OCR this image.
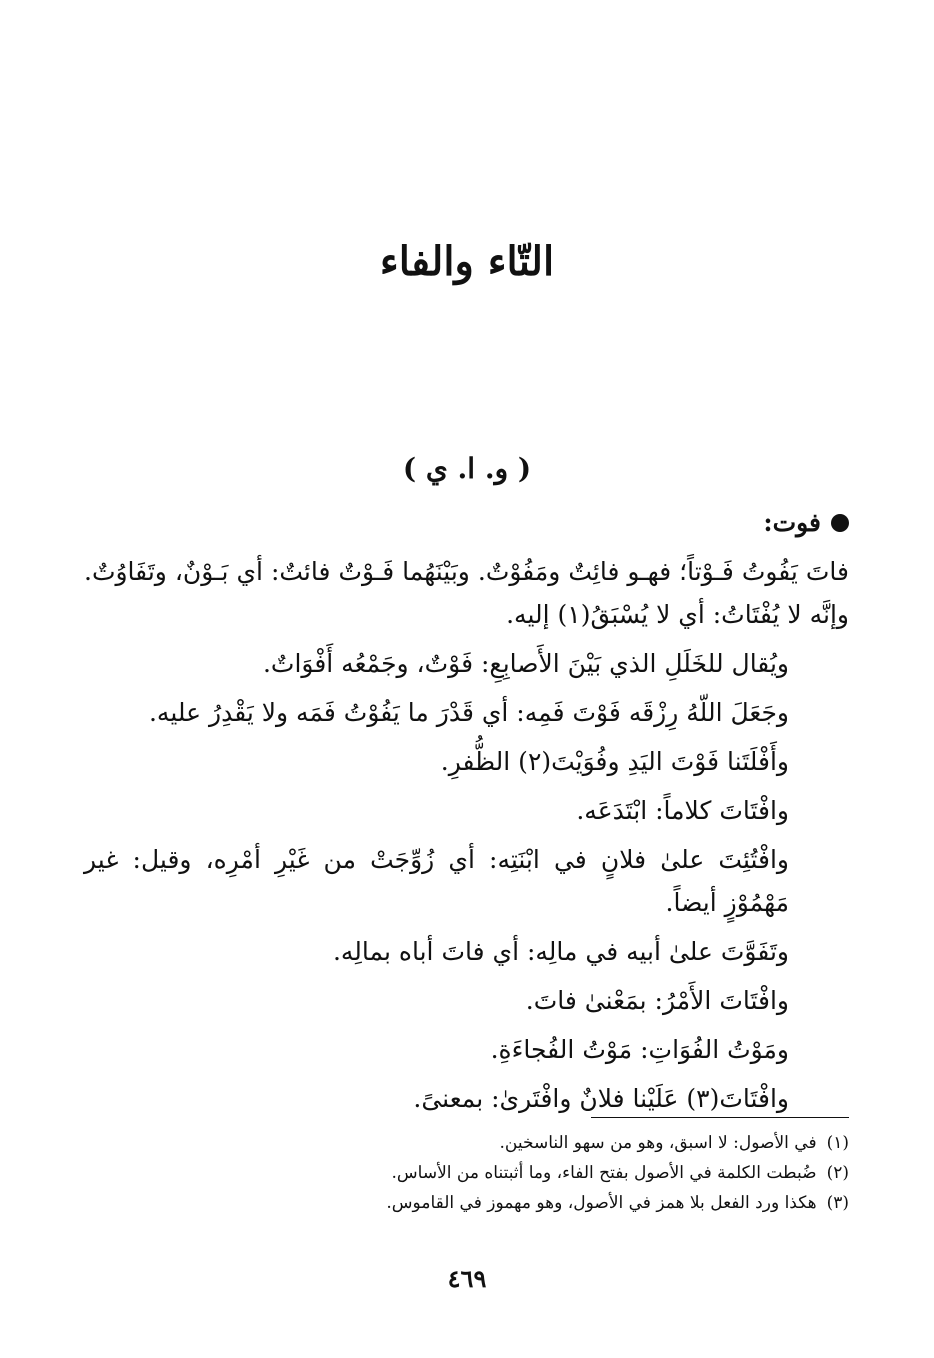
التّاء والفاء
( و. ا. ي )
فوت:

فاتَ يَفُوتُ فَـوْتاً؛ فهـو فائِتٌ ومَفُوْتٌ. وبَيْنَهُما فَـوْتٌ فائتٌ: أي بَـوْنٌ، وتَفَاوُتٌ. وإنَّه لا يُفْتَاتُ: أي لا يُسْبَقُ(١) إليه.

ويُقال للخَلَلِ الذي بَيْنَ الأَصابِعِ: فَوْتٌ، وجَمْعُه أَفْوَاتٌ.

وجَعَلَ اللّهُ رِزْقَه فَوْتَ فَمِه: أي قَدْرَ ما يَفُوْتُ فَمَه ولا يَقْدِرُ عليه.

وأَفْلَتَنا فَوْتَ اليَدِ وفُوَيْتَ(٢) الظُّفرِ.

وافْتَاتَ كلاماً: ابْتَدَعَه.

وافْتُئِتَ علىٰ فلانٍ في ابْنَتِه: أي زُوِّجَتْ من غَيْرِ أمْرِه، وقيل: غير مَهْمُوْزٍ أيضاً.

وتَفَوَّتَ علىٰ أبيه في مالِه: أي فاتَ أباه بمالِه.

وافْتَاتَ الأَمْرُ: بمَعْنىٰ فاتَ.

ومَوْتُ الفُوَاتِ: مَوْتُ الفُجاءَةِ.

وافْتَاتَ(٣) عَلَيْنا فلانٌ وافْتَرىٰ: بمعنىً.

(١)
في الأصول: لا اسبق، وهو من سهو الناسخين.
(٢)
ضُبطت الكلمة في الأصول بفتح الفاء، وما أثبتناه من الأساس.
(٣)
هكذا ورد الفعل بلا همز في الأصول، وهو مهموز في القاموس.
٤٦٩
